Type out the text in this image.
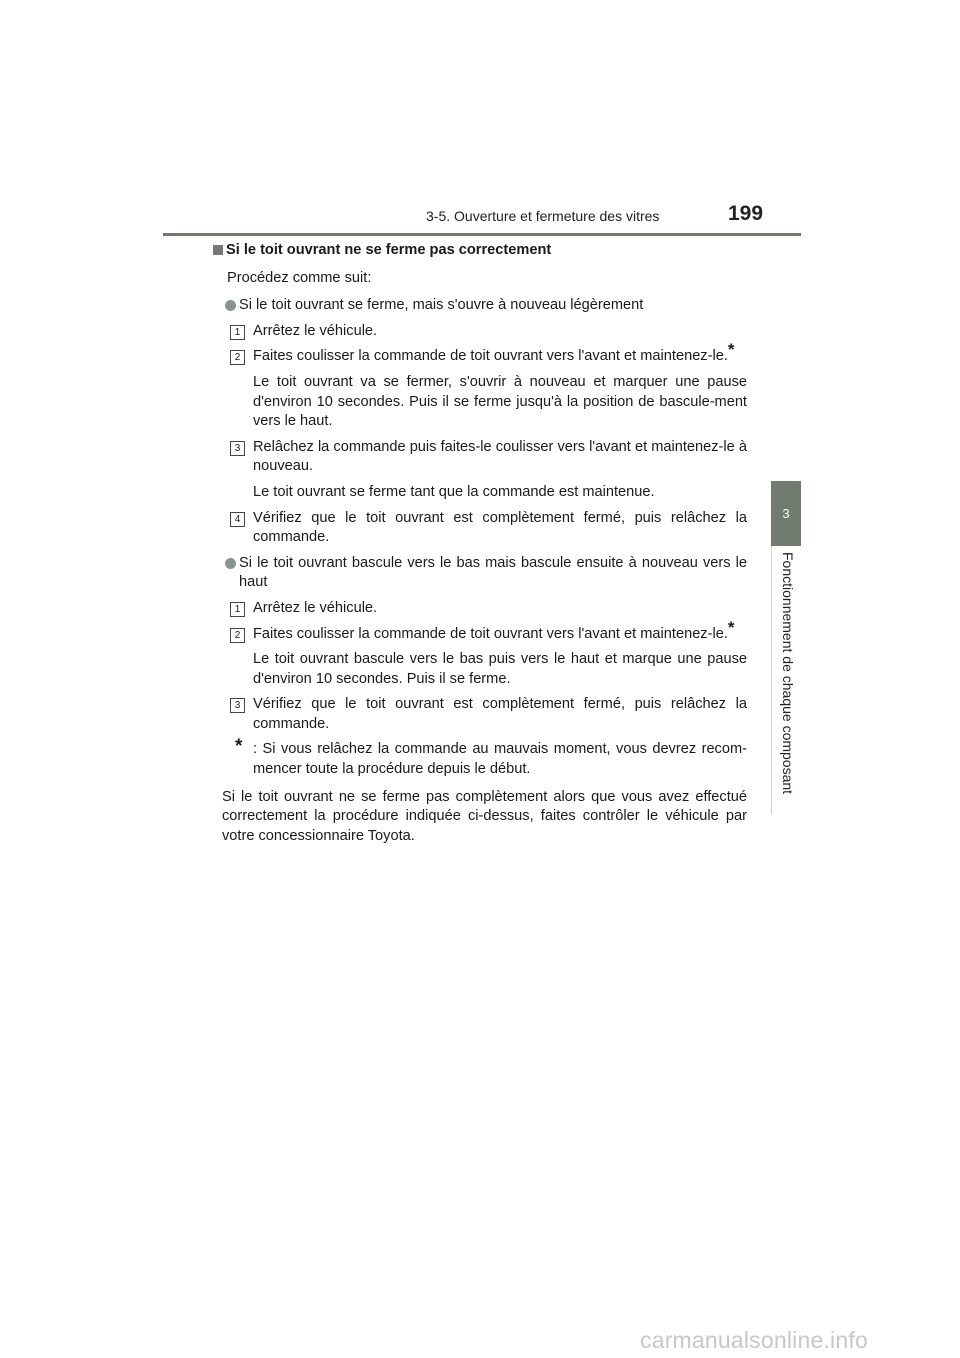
3-5. Ouverture et fermeture des vitres	199
3
Fonctionnement de chaque composant
Si le toit ouvrant ne se ferme pas correctement
Procédez comme suit:
Si le toit ouvrant se ferme, mais s'ouvre à nouveau légèrement
1 Arrêtez le véhicule.
2 Faites coulisser la commande de toit ouvrant vers l'avant et maintenez-le.*
Le toit ouvrant va se fermer, s'ouvrir à nouveau et marquer une pause d'environ 10 secondes. Puis il se ferme jusqu'à la position de bascule-ment vers le haut.
3 Relâchez la commande puis faites-le coulisser vers l'avant et maintenez-le à nouveau.
Le toit ouvrant se ferme tant que la commande est maintenue.
4 Vérifiez que le toit ouvrant est complètement fermé, puis relâchez la commande.
Si le toit ouvrant bascule vers le bas mais bascule ensuite à nouveau vers le haut
1 Arrêtez le véhicule.
2 Faites coulisser la commande de toit ouvrant vers l'avant et maintenez-le.*
Le toit ouvrant bascule vers le bas puis vers le haut et marque une pause d'environ 10 secondes. Puis il se ferme.
3 Vérifiez que le toit ouvrant est complètement fermé, puis relâchez la commande.
* : Si vous relâchez la commande au mauvais moment, vous devrez recom-mencer toute la procédure depuis le début.
Si le toit ouvrant ne se ferme pas complètement alors que vous avez effectué correctement la procédure indiquée ci-dessus, faites contrôler le véhicule par votre concessionnaire Toyota.
carmanualsonline.info
